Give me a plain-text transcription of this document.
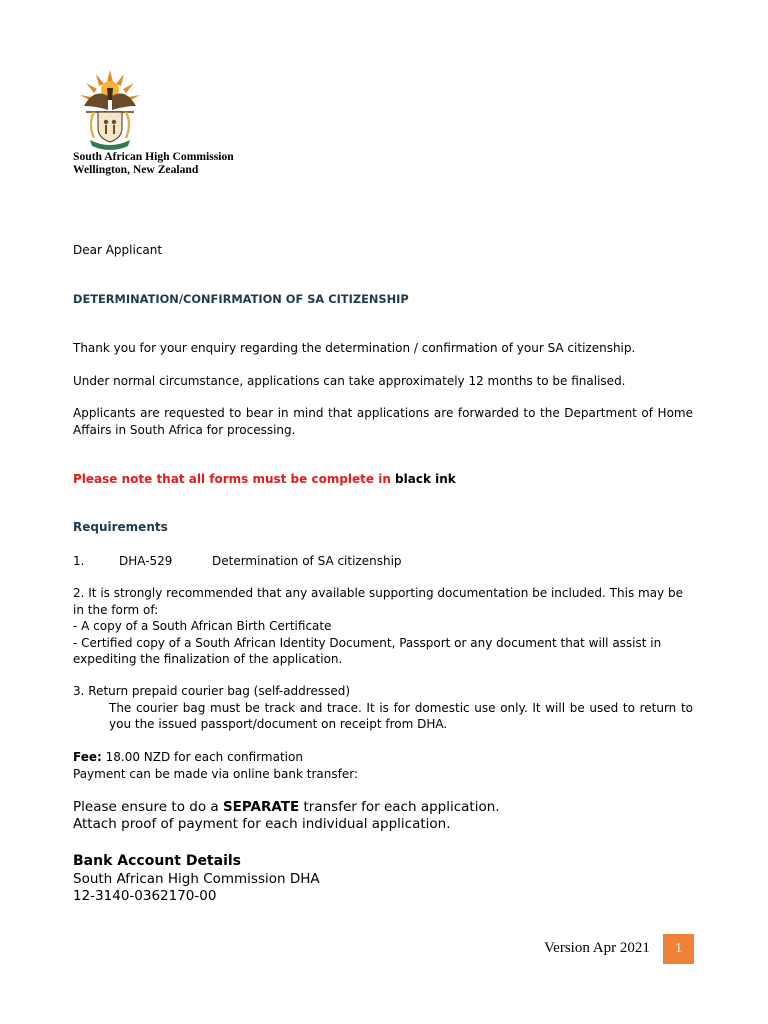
South African High Commission
Wellington, New Zealand
Dear Applicant
DETERMINATION/CONFIRMATION OF SA CITIZENSHIP
Thank you for your enquiry regarding the determination / confirmation of your SA citizenship.
Under normal circumstance, applications can take approximately 12 months to be finalised.
Applicants are requested to bear in mind that applications are forwarded to the Department of Home Affairs in South Africa for processing.
Please note that all forms must be complete in black ink
Requirements
1.	DHA-529	Determination of SA citizenship
2. It is strongly recommended that any available supporting documentation be included. This may be in the form of:
- A copy of a South African Birth Certificate
- Certified copy of a South African Identity Document, Passport or any document that will assist in expediting the finalization of the application.
3. Return prepaid courier bag (self-addressed)
The courier bag must be track and trace. It is for domestic use only. It will be used to return to you the issued passport/document on receipt from DHA.
Fee: 18.00 NZD for each confirmation
Payment can be made via online bank transfer:
Please ensure to do a SEPARATE transfer for each application.
Attach proof of payment for each individual application.
Bank Account Details
South African High Commission DHA
12-3140-0362170-00
Version Apr 2021	1
